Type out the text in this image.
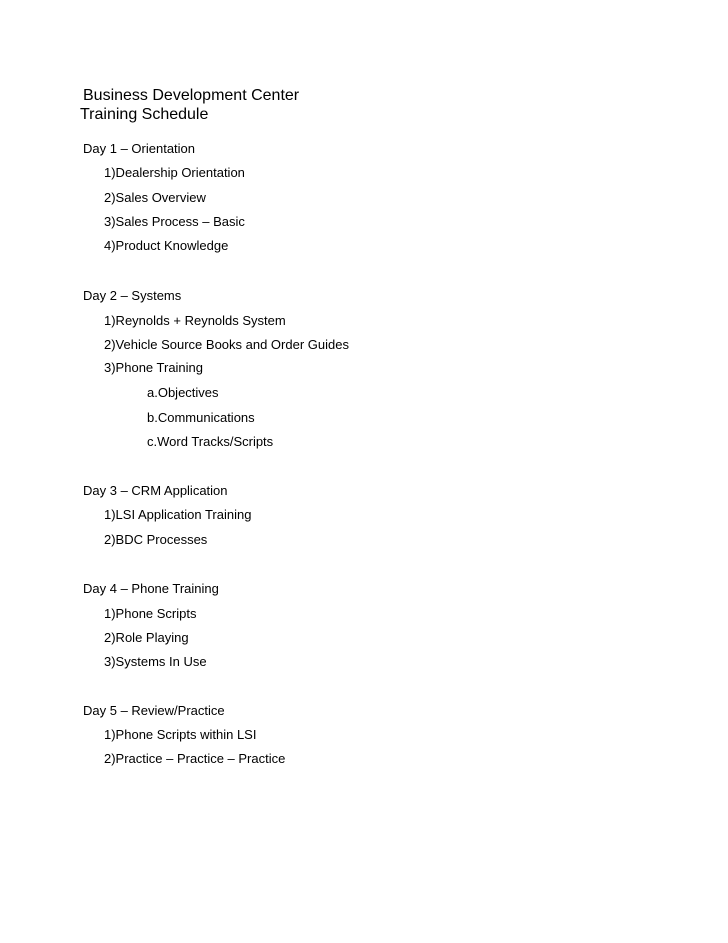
Business Development Center
Training Schedule

Day 1 – Orientation

1)Dealership Orientation

2)Sales Overview

3)Sales Process – Basic

4)Product Knowledge

Day 2 – Systems

1)Reynolds + Reynolds System

2)Vehicle Source Books and Order Guides

3)Phone Training

a.Objectives

b.Communications

c.Word Tracks/Scripts

Day 3 – CRM Application

1)LSI Application Training

2)BDC Processes

Day 4 – Phone Training

1)Phone Scripts

2)Role Playing

3)Systems In Use

Day 5 – Review/Practice

1)Phone Scripts within LSI

2)Practice – Practice – Practice
